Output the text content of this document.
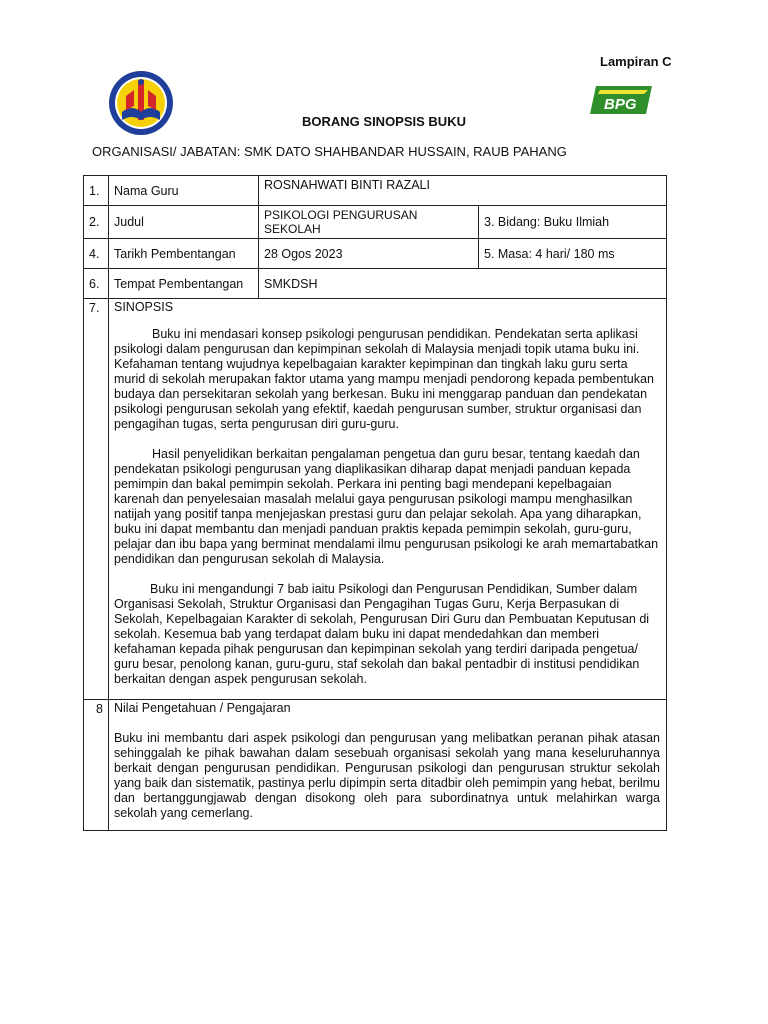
Lampiran C
BPG
BORANG SINOPSIS BUKU
ORGANISASI/ JABATAN: SMK DATO SHAHBANDAR HUSSAIN, RAUB PAHANG
1.	Nama Guru	ROSNAHWATI BINTI RAZALI	
2.	Judul	PSIKOLOGI PENGURUSAN SEKOLAH	3. Bidang: Buku Ilmiah
4.	Tarikh Pembentangan	28 Ogos 2023	5. Masa: 4 hari/ 180 ms
6.	Tempat Pembentangan	SMKDSH	
7.	SINOPSIS

Buku ini mendasari konsep psikologi pengurusan pendidikan. Pendekatan serta aplikasi psikologi dalam pengurusan dan kepimpinan sekolah di Malaysia menjadi topik utama buku ini. Kefahaman tentang wujudnya kepelbagaian karakter kepimpinan dan tingkah laku guru serta murid di sekolah merupakan faktor utama yang mampu menjadi pendorong kepada pembentukan budaya dan persekitaran sekolah yang berkesan. Buku ini menggarap panduan dan pendekatan psikologi pengurusan sekolah yang efektif, kaedah pengurusan sumber, struktur organisasi dan pengagihan tugas, serta pengurusan diri guru-guru.

Hasil penyelidikan berkaitan pengalaman pengetua dan guru besar, tentang kaedah dan pendekatan psikologi pengurusan yang diaplikasikan diharap dapat menjadi panduan kepada pemimpin dan bakal pemimpin sekolah. Perkara ini penting bagi mendepani kepelbagaian karenah dan penyelesaian masalah melalui gaya pengurusan psikologi mampu menghasilkan natijah yang positif tanpa menjejaskan prestasi guru dan pelajar sekolah. Apa yang diharapkan, buku ini dapat membantu dan menjadi panduan praktis kepada pemimpin sekolah, guru-guru, pelajar dan ibu bapa yang berminat mendalami ilmu pengurusan psikologi ke arah memartabatkan pendidikan dan pengurusan sekolah di Malaysia.

Buku ini mengandungi 7 bab iaitu Psikologi dan Pengurusan Pendidikan, Sumber dalam Organisasi Sekolah, Struktur Organisasi dan Pengagihan Tugas Guru, Kerja Berpasukan di Sekolah, Kepelbagaian Karakter di sekolah, Pengurusan Diri Guru dan Pembuatan Keputusan di sekolah. Kesemua bab yang terdapat dalam buku ini dapat mendedahkan dan memberi kefahaman kepada pihak pengurusan dan kepimpinan sekolah yang terdiri daripada pengetua/ guru besar, penolong kanan, guru-guru, staf sekolah dan bakal pentadbir di institusi pendidikan berkaitan dengan aspek pengurusan sekolah.		

8	Nilai Pengetahuan / Pengajaran

Buku ini membantu dari aspek psikologi dan pengurusan yang melibatkan peranan pihak atasan sehinggalah ke pihak bawahan dalam sesebuah organisasi sekolah yang mana keseluruhannya berkait dengan pengurusan pendidikan. Pengurusan psikologi dan pengurusan struktur sekolah yang baik dan sistematik, pastinya perlu dipimpin serta ditadbir oleh pemimpin yang hebat, berilmu dan bertanggungjawab dengan disokong oleh para subordinatnya untuk melahirkan warga sekolah yang cemerlang.		
